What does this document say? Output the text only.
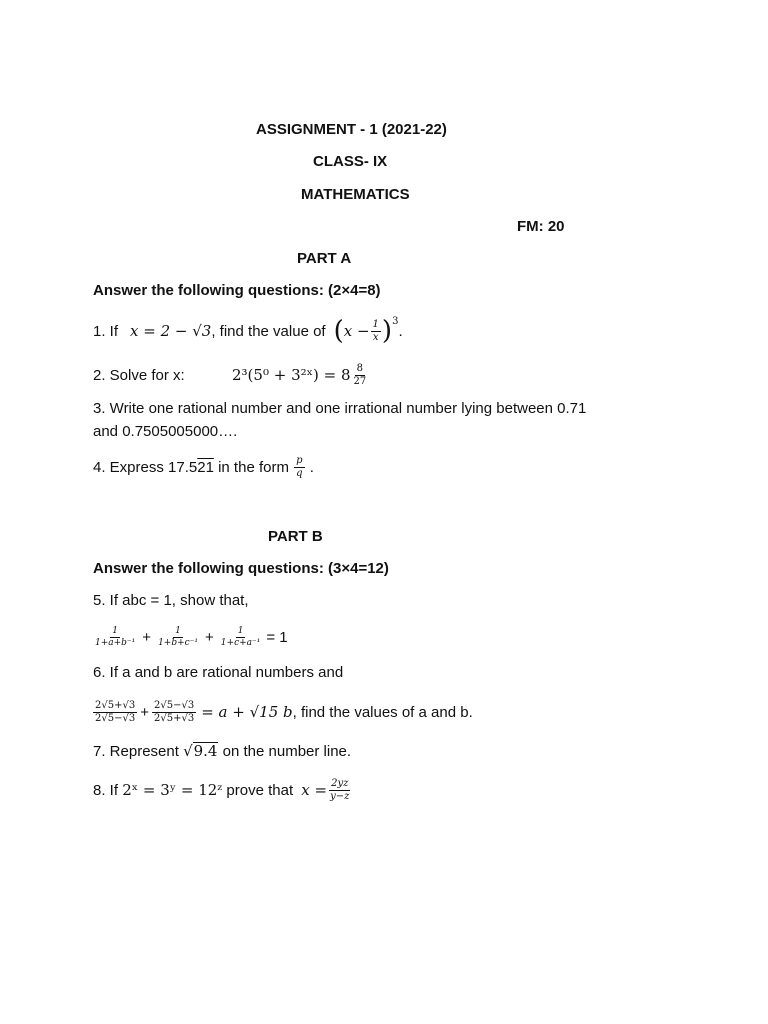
ASSIGNMENT - 1 (2021-22)
CLASS- IX
MATHEMATICS
FM: 20
PART A
Answer the following questions: (2×4=8)
1. If x = 2 − √3 , find the value of ( $x - \frac{1}{x} )^3$
.
2. Solve for x:	2³(5⁰ + 3²ˣ) = $8 \frac{8}{27}$
3. Write one rational number and one irrational number lying between 0.71
and 0.7505005000….
4. Express 17.5 21 in the form $\frac{p}{q}$ .
PART B
Answer the following questions: (3×4=12)
5. If abc = 1, show that,
$\frac{1}{\text{1+a+b⁻¹}} + \frac{1}{\text{1+b+c⁻¹}} + \frac{1}{\text{1+c+a⁻¹}} = 1$
6. If a and b are rational numbers and
$\frac{2√5+√3}{2√5-√3} + \frac{2√5-√3}{2√5+√3} = a + √15$ b , find the values of a and b.
7. Represent √ 9.4 on the number line.
8. If 2ˣ = 3ʸ = 12ᶻ prove that $x = \frac{2yz}{y-z}$
